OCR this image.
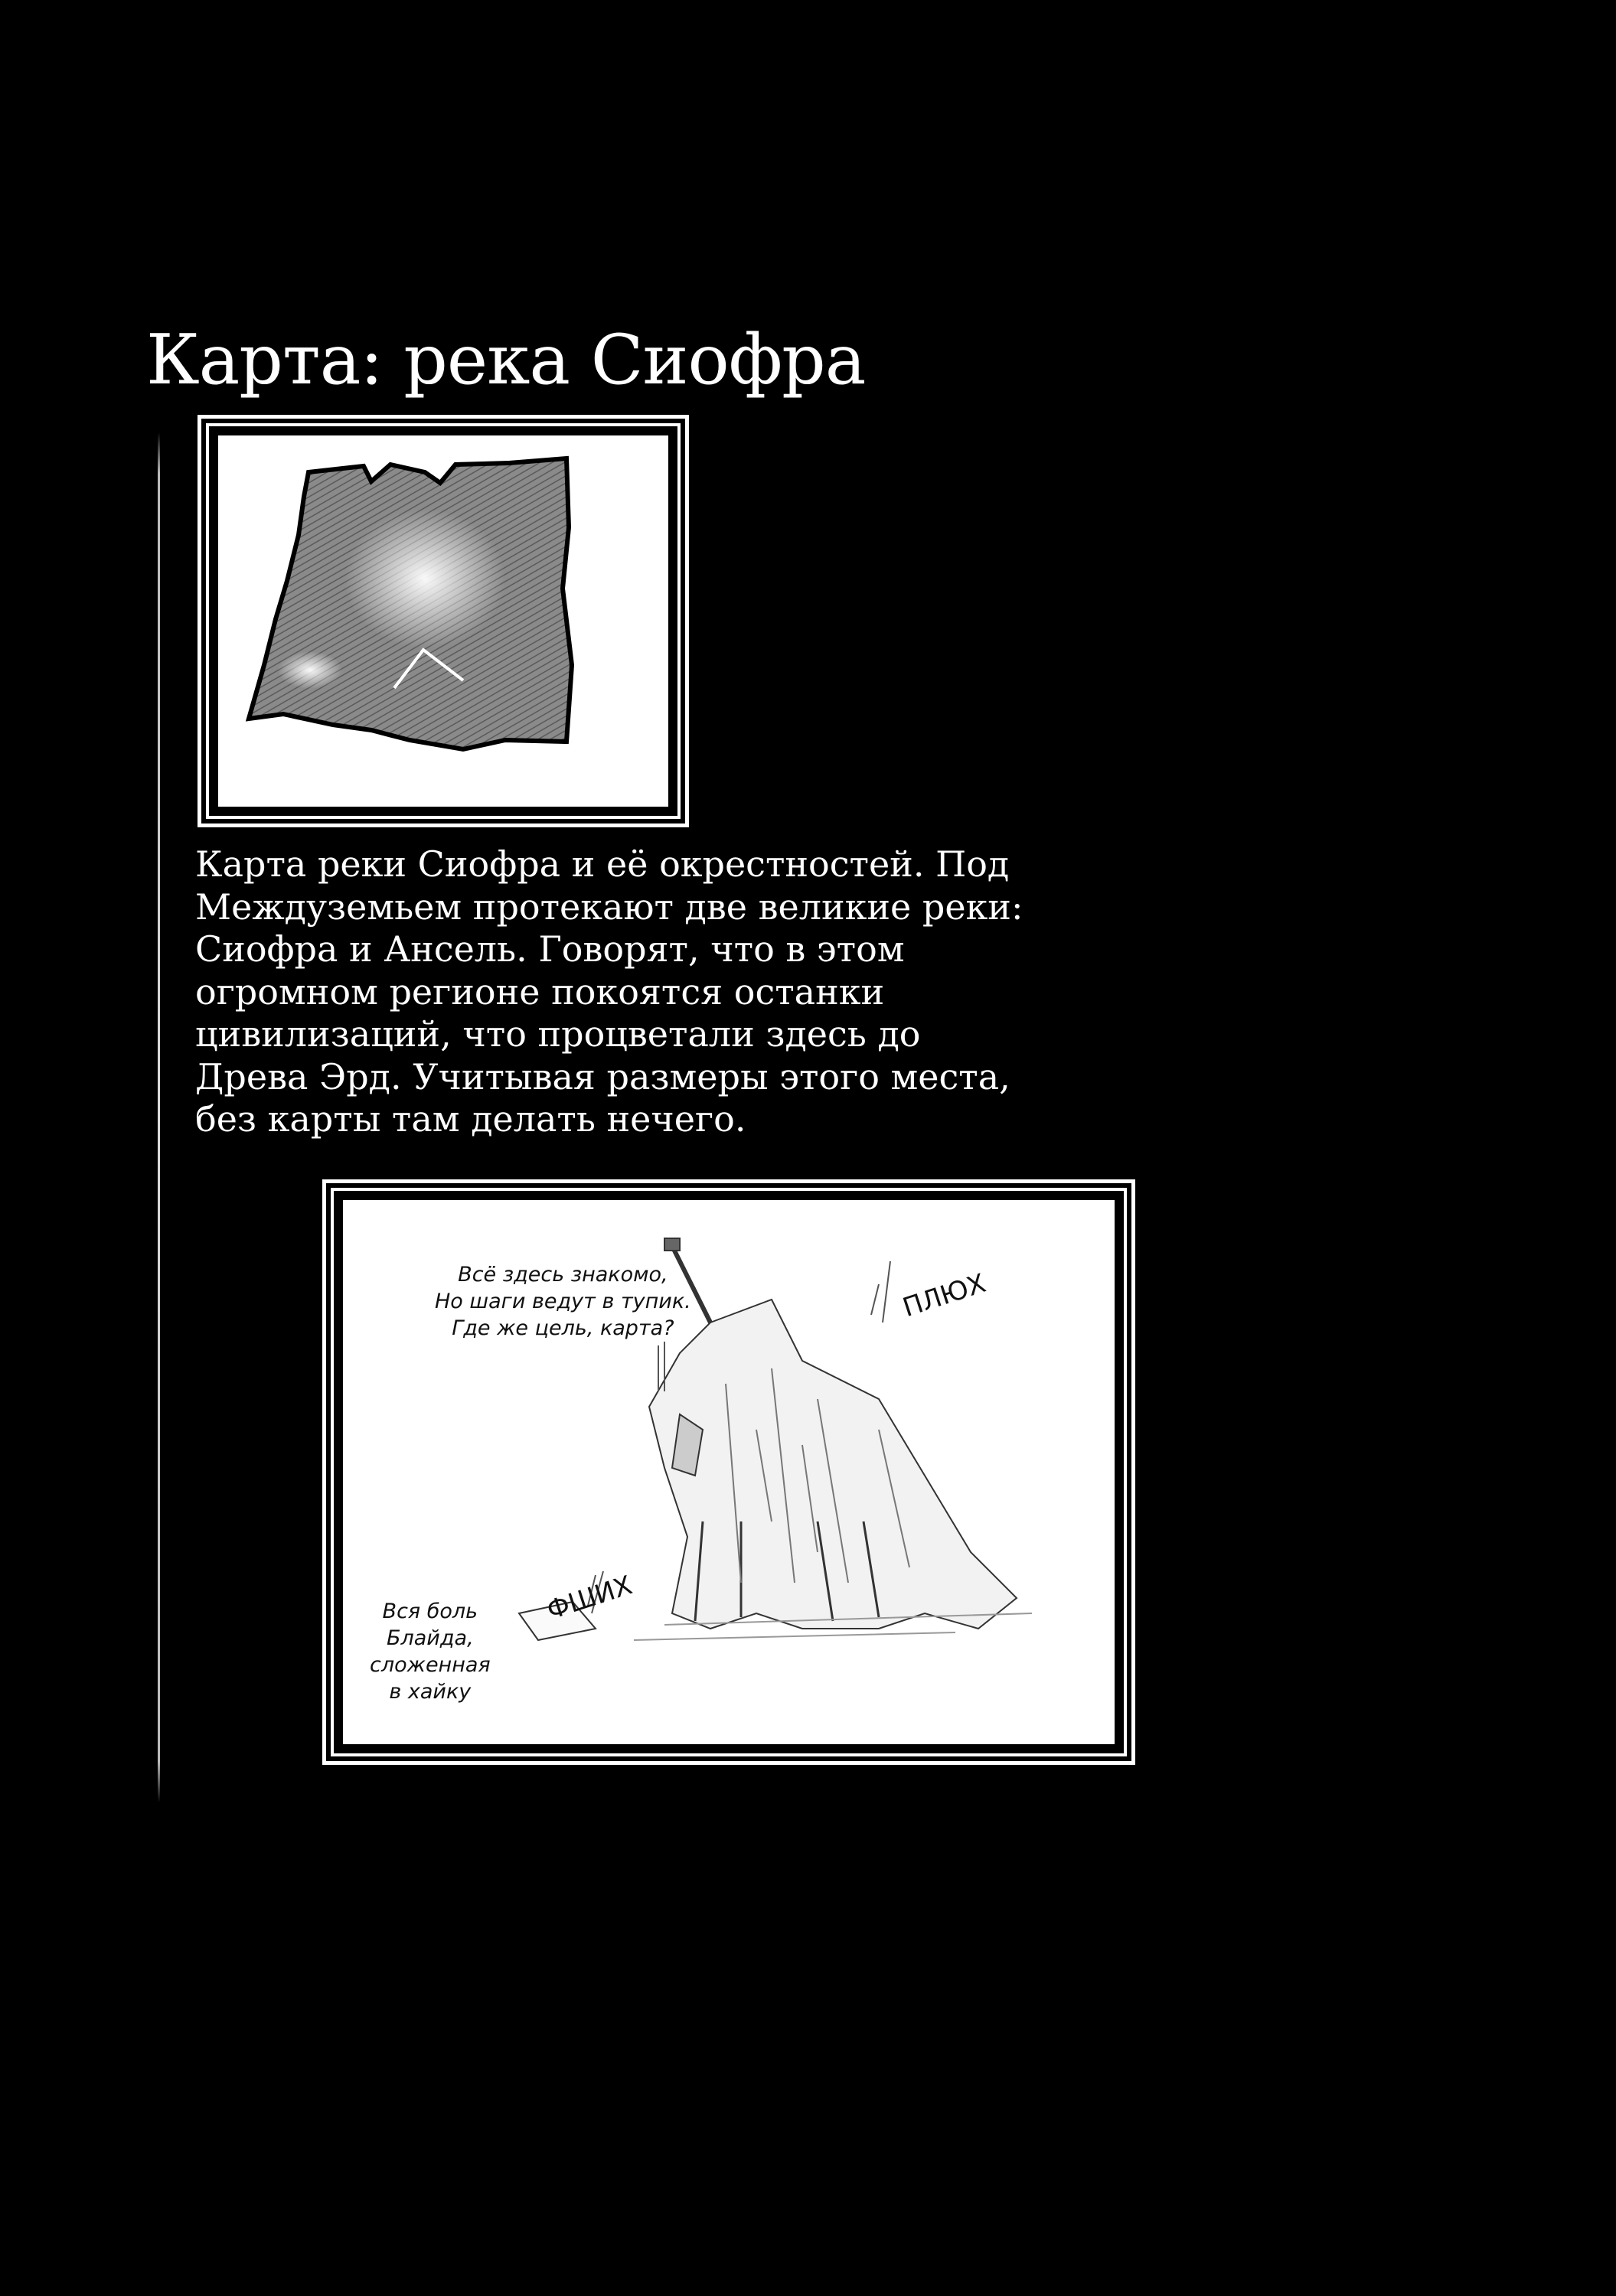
Карта: река Сиофра
Карта реки Сиофра и её окрестностей. Под
Междуземьем протекают две великие реки:
Сиофра и Ансель. Говорят, что в этом
огромном регионе покоятся останки
цивилизаций, что процветали здесь до
Древа Эрд. Учитывая размеры этого места,
без карты там делать нечего.
Всё здесь знакомо,
Но шаги ведут в тупик.
Где же цель, карта?
ПЛЮХ
ФШИХ
Вся боль
Блайда,
сложенная
в хайку
